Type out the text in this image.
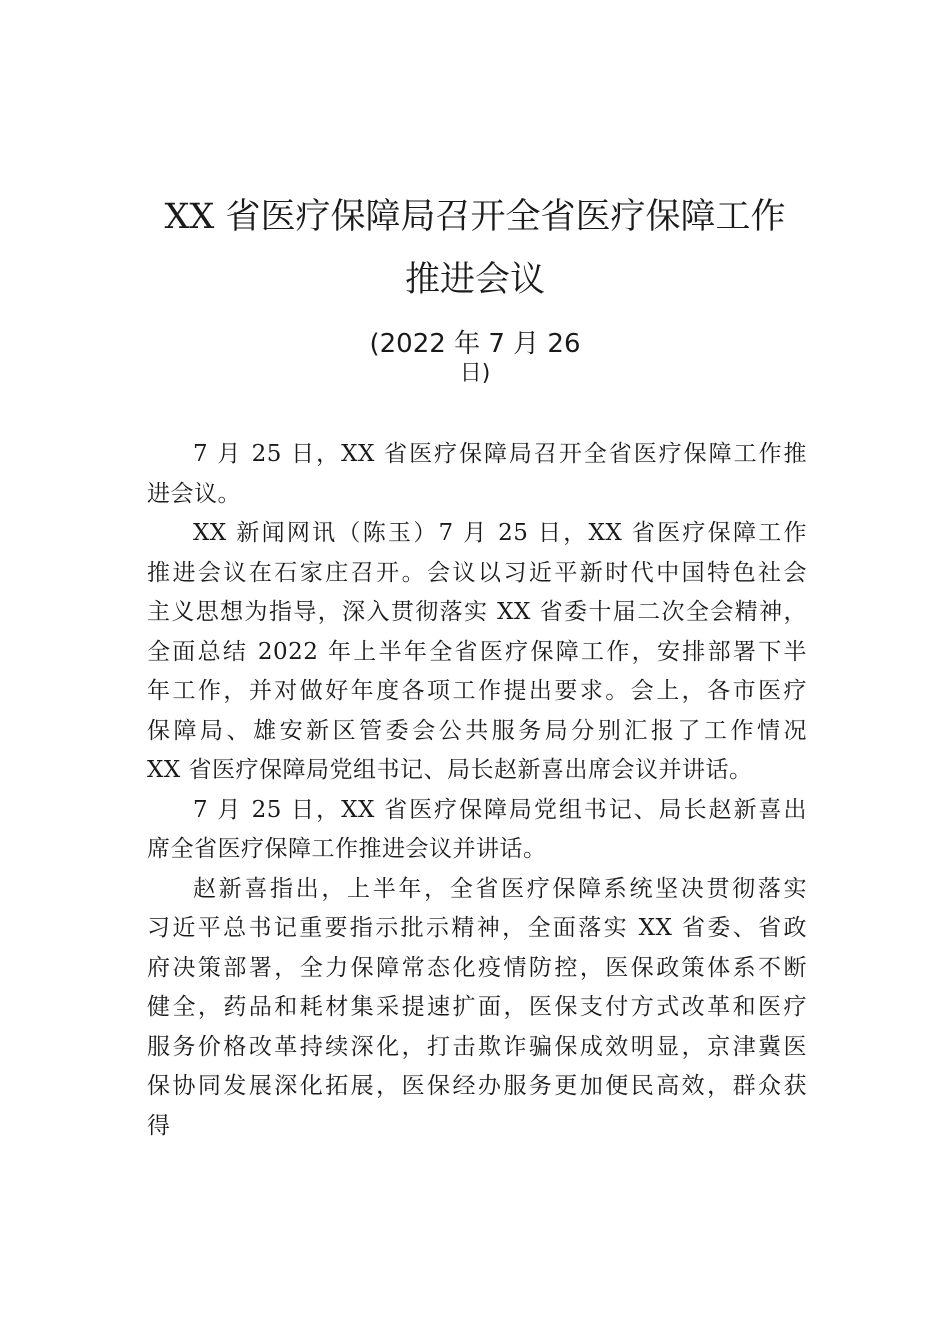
XX 省医疗保障局召开全省医疗保障工作
推进会议

(2022 年 7 月 26

日)

7 月 25 日，XX 省医疗保障局召开全省医疗保障工作推
进会议。
XX 新闻网讯（陈玉）7 月 25 日，XX 省医疗保障工作
推进会议在石家庄召开。会议以习近平新时代中国特色社会
主义思想为指导，深入贯彻落实 XX 省委十届二次全会精神，
全面总结 2022 年上半年全省医疗保障工作，安排部署下半
年工作，并对做好年度各项工作提出要求。会上，各市医疗
保障局、雄安新区管委会公共服务局分别汇报了工作情况
XX 省医疗保障局党组书记、局长赵新喜出席会议并讲话。
7 月 25 日，XX 省医疗保障局党组书记、局长赵新喜出
席全省医疗保障工作推进会议并讲话。
赵新喜指出，上半年，全省医疗保障系统坚决贯彻落实
习近平总书记重要指示批示精神，全面落实 XX 省委、省政
府决策部署，全力保障常态化疫情防控，医保政策体系不断
健全，药品和耗材集采提速扩面，医保支付方式改革和医疗
服务价格改革持续深化，打击欺诈骗保成效明显，京津冀医
保协同发展深化拓展，医保经办服务更加便民高效，群众获
得
